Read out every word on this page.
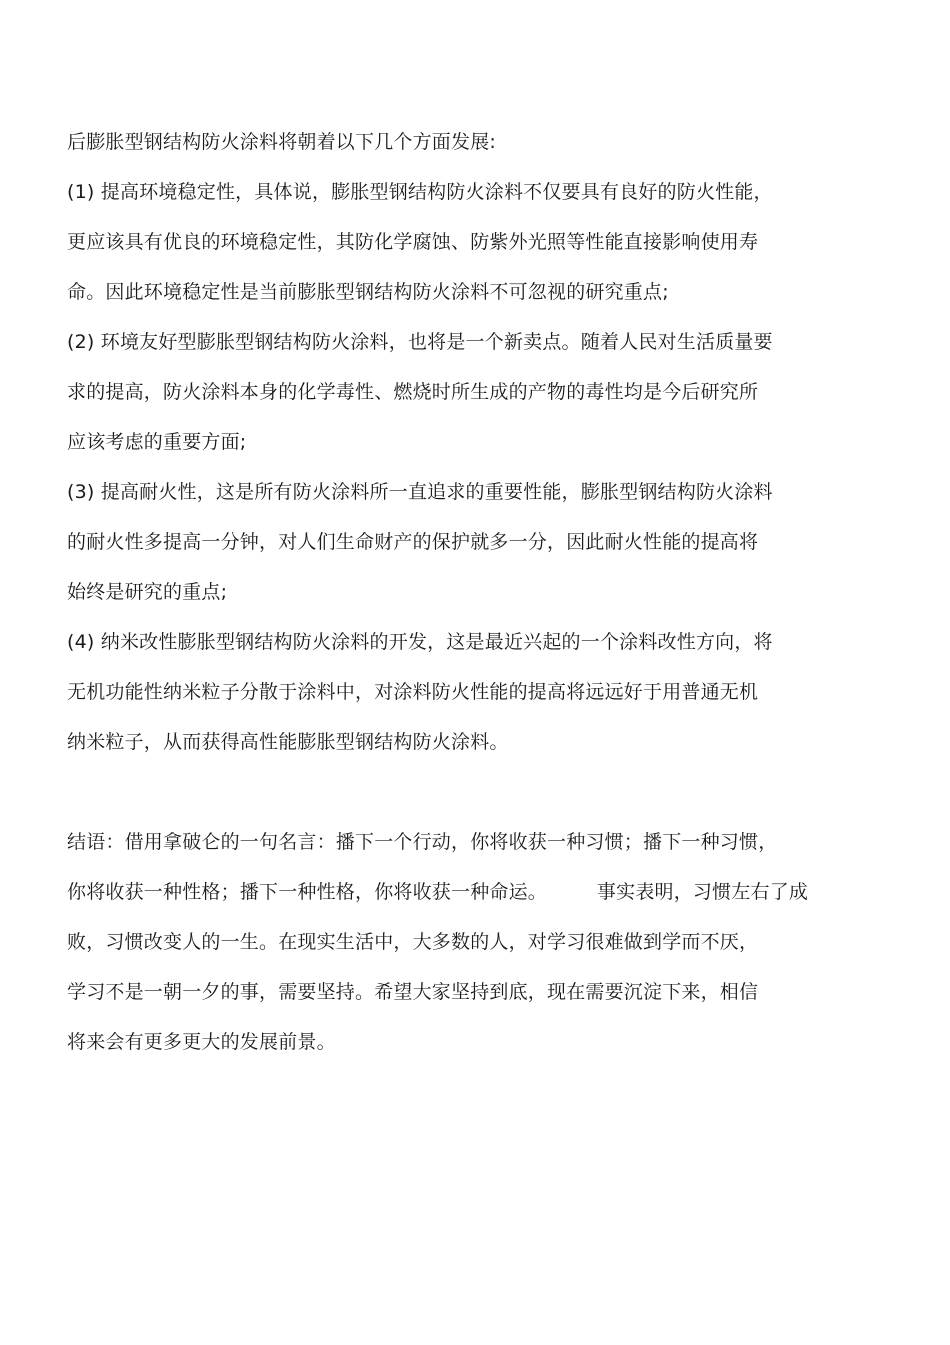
后膨胀型钢结构防火涂料将朝着以下几个方面发展:
(1) 提高环境稳定性，具体说，膨胀型钢结构防火涂料不仅要具有良好的防火性能，
更应该具有优良的环境稳定性，其防化学腐蚀、防紫外光照等性能直接影响使用寿
命。因此环境稳定性是当前膨胀型钢结构防火涂料不可忽视的研究重点;
(2) 环境友好型膨胀型钢结构防火涂料，也将是一个新卖点。随着人民对生活质量要
求的提高，防火涂料本身的化学毒性、燃烧时所生成的产物的毒性均是今后研究所
应该考虑的重要方面;
(3) 提高耐火性，这是所有防火涂料所一直追求的重要性能，膨胀型钢结构防火涂料
的耐火性多提高一分钟，对人们生命财产的保护就多一分，因此耐火性能的提高将
始终是研究的重点;
(4) 纳米改性膨胀型钢结构防火涂料的开发，这是最近兴起的一个涂料改性方向，将
无机功能性纳米粒子分散于涂料中，对涂料防火性能的提高将远远好于用普通无机
纳米粒子，从而获得高性能膨胀型钢结构防火涂料。
结语：借用拿破仑的一句名言：播下一个行动，你将收获一种习惯；播下一种习惯，
你将收获一种性格；播下一种性格，你将收获一种命运。        事实表明，习惯左右了成
败，习惯改变人的一生。在现实生活中，大多数的人，对学习很难做到学而不厌，
学习不是一朝一夕的事，需要坚持。希望大家坚持到底，现在需要沉淀下来，相信
将来会有更多更大的发展前景。
